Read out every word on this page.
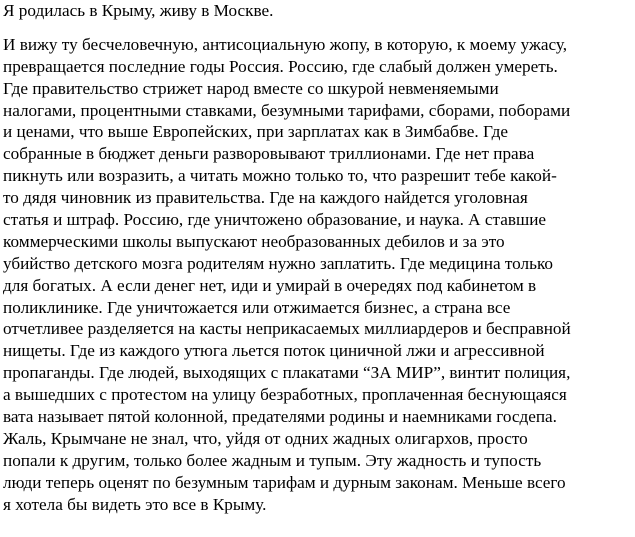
Я родилась в Крыму, живу в Москве.

И вижу ту бесчеловечную, антисоциальную жопу, в которую, к моему ужасу,
превращается последние годы Россия. Россию, где слабый должен умереть.
Где правительство стрижет народ вместе со шкурой невменяемыми
налогами, процентными ставками, безумными тарифами, сборами, поборами
и ценами, что выше Европейских, при зарплатах как в Зимбабве. Где
собранные в бюджет деньги разворовывают триллионами. Где нет права
пикнуть или возразить, а читать можно только то, что разрешит тебе какой-
то дядя чиновник из правительства. Где на каждого найдется уголовная
статья и штраф. Россию, где уничтожено образование, и наука. А ставшие
коммерческими школы выпускают необразованных дебилов и за это
убийство детского мозга родителям нужно заплатить. Где медицина только
для богатых. А если денег нет, иди и умирай в очередях под кабинетом в
поликлинике. Где уничтожается или отжимается бизнес, а страна все
отчетливее разделяется на касты неприкасаемых миллиардеров и бесправной
нищеты. Где из каждого утюга льется поток циничной лжи и агрессивной
пропаганды. Где людей, выходящих с плакатами “ЗА МИР”, винтит полиция,
а вышедших с протестом на улицу безработных, проплаченная беснующаяся
вата называет пятой колонной, предателями родины и наемниками госдепа.
Жаль, Крымчане не знал, что, уйдя от одних жадных олигархов, просто
попали к другим, только более жадным и тупым. Эту жадность и тупость
люди теперь оценят по безумным тарифам и дурным законам. Меньше всего
я хотела бы видеть это все в Крыму.
